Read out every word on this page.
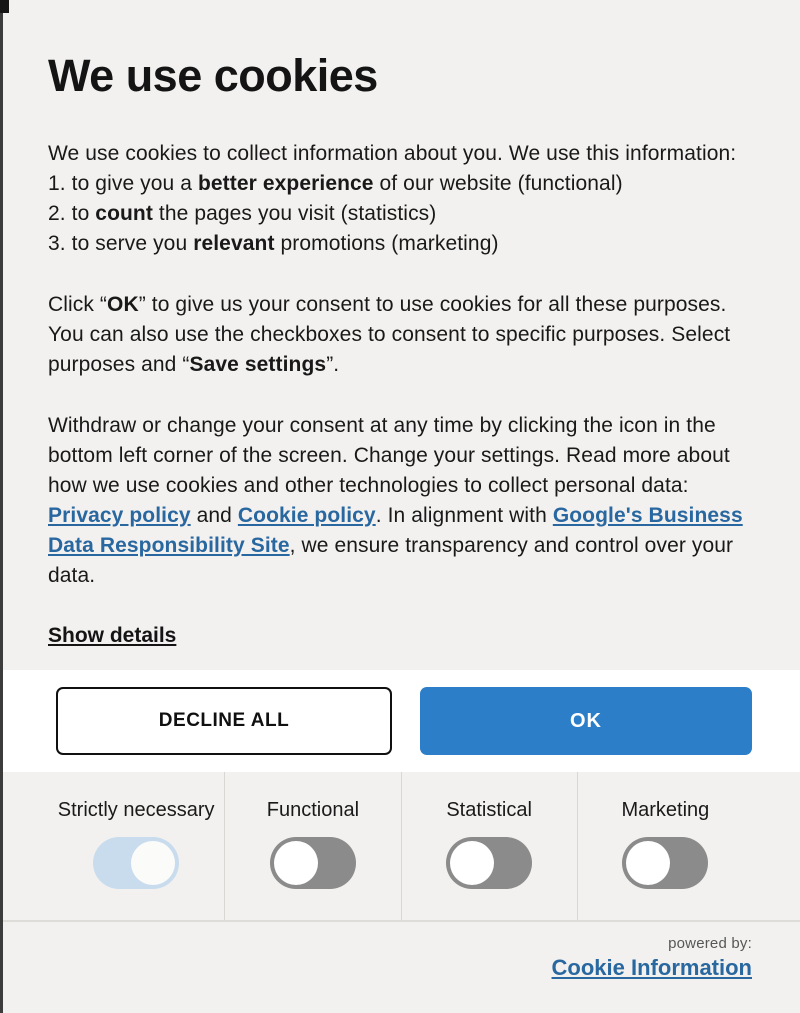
We use cookies
We use cookies to collect information about you. We use this information:
1. to give you a better experience of our website (functional)
2. to count the pages you visit (statistics)
3. to serve you relevant promotions (marketing)
Click “OK” to give us your consent to use cookies for all these purposes. You can also use the checkboxes to consent to specific purposes. Select purposes and “Save settings”.
Withdraw or change your consent at any time by clicking the icon in the bottom left corner of the screen. Change your settings. Read more about how we use cookies and other technologies to collect personal data: Privacy policy and Cookie policy. In alignment with Google's Business Data Responsibility Site, we ensure transparency and control over your data.
Show details
DECLINE ALL	OK
Strictly necessary	Functional	Statistical	Marketing
powered by:
Cookie Information
